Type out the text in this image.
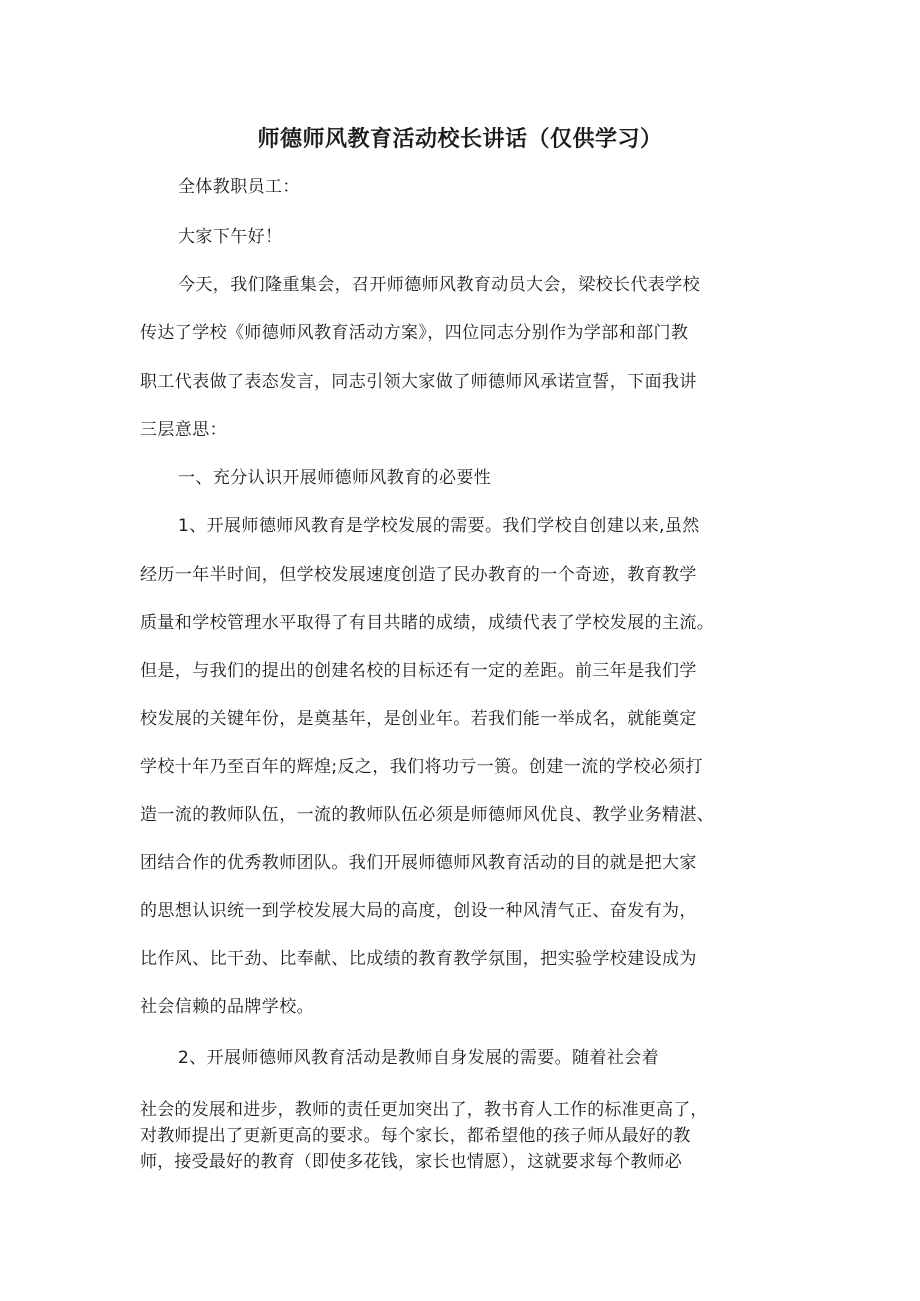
师德师风教育活动校长讲话（仅供学习）
全体教职员工：
大家下午好！
今天，我们隆重集会，召开师德师风教育动员大会，梁校长代表学校
传达了学校《师德师风教育活动方案》，四位同志分别作为学部和部门教
职工代表做了表态发言，同志引领大家做了师德师风承诺宣誓，下面我讲
三层意思：
一、充分认识开展师德师风教育的必要性
1、开展师德师风教育是学校发展的需要。我们学校自创建以来,虽然
经历一年半时间，但学校发展速度创造了民办教育的一个奇迹，教育教学
质量和学校管理水平取得了有目共睹的成绩，成绩代表了学校发展的主流。
但是，与我们的提出的创建名校的目标还有一定的差距。前三年是我们学
校发展的关键年份，是奠基年，是创业年。若我们能一举成名，就能奠定
学校十年乃至百年的辉煌;反之，我们将功亏一篑。创建一流的学校必须打
造一流的教师队伍，一流的教师队伍必须是师德师风优良、教学业务精湛、
团结合作的优秀教师团队。我们开展师德师风教育活动的目的就是把大家
的思想认识统一到学校发展大局的高度，创设一种风清气正、奋发有为，
比作风、比干劲、比奉献、比成绩的教育教学氛围，把实验学校建设成为
社会信赖的品牌学校。
2、开展师德师风教育活动是教师自身发展的需要。随着社会着
社会的发展和进步，教师的责任更加突出了，教书育人工作的标准更高了，
对教师提出了更新更高的要求。每个家长，都希望他的孩子师从最好的教
师，接受最好的教育（即使多花钱，家长也情愿），这就要求每个教师必
